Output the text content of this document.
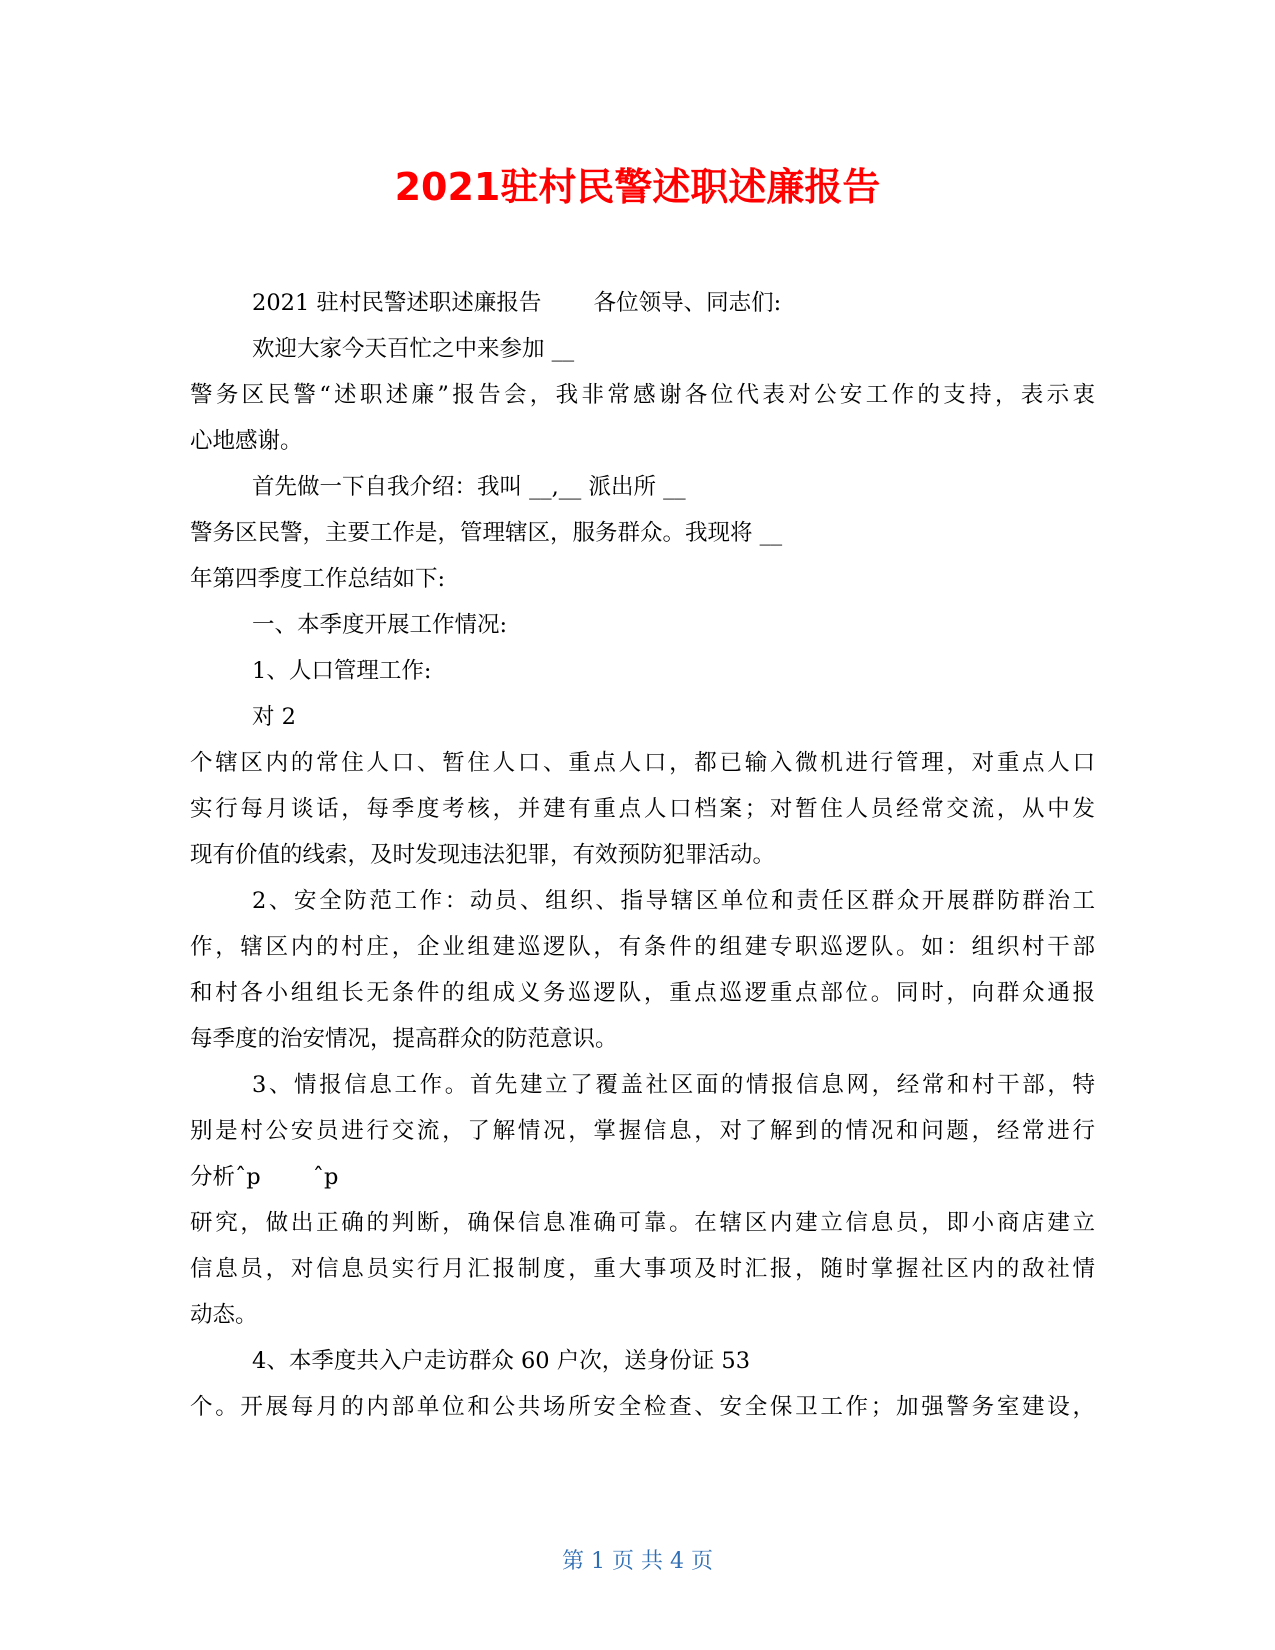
2021驻村民警述职述廉报告

2021 驻村民警述职述廉报告　　 各位领导、同志们:

欢迎大家今天百忙之中来参加 __

警务区民警“述职述廉”报告会，我非常感谢各位代表对公安工作的支持，表示衷

心地感谢。

首先做一下自我介绍：我叫 __,__ 派出所 __

警务区民警，主要工作是，管理辖区，服务群众。我现将 __

年第四季度工作总结如下:

一、本季度开展工作情况:

1、人口管理工作:

对 2

个辖区内的常住人口、暂住人口、重点人口，都已输入微机进行管理，对重点人口

实行每月谈话，每季度考核，并建有重点人口档案；对暂住人员经常交流，从中发

现有价值的线索，及时发现违法犯罪，有效预防犯罪活动。

2、安全防范工作：动员、组织、指导辖区单位和责任区群众开展群防群治工

作，辖区内的村庄，企业组建巡逻队，有条件的组建专职巡逻队。如：组织村干部

和村各小组组长无条件的组成义务巡逻队，重点巡逻重点部位。同时，向群众通报

每季度的治安情况，提高群众的防范意识。

3、情报信息工作。首先建立了覆盖社区面的情报信息网，经常和村干部，特

别是村公安员进行交流，了解情况，掌握信息，对了解到的情况和问题，经常进行

分析ˆp　　 ˆp

研究，做出正确的判断，确保信息准确可靠。在辖区内建立信息员，即小商店建立

信息员，对信息员实行月汇报制度，重大事项及时汇报，随时掌握社区内的敌社情

动态。

4、本季度共入户走访群众 60 户次，送身份证 53

个。开展每月的内部单位和公共场所安全检查、安全保卫工作；加强警务室建设，

第 1 页 共 4 页
